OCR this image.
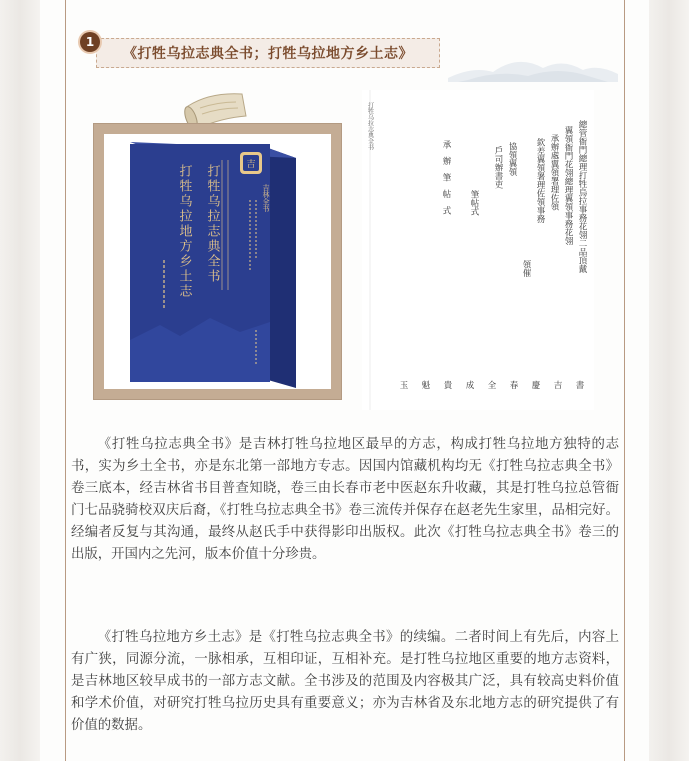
《打牲乌拉志典全书；打牲乌拉地方乡土志》
1
吉
吉林全书
打牲乌拉志典全书
打牲乌拉地方乡土志
打牲乌拉志典全书	總管衙門總理打牲烏拉事務花翎二品頂戴
翼領衙門花翎總理翼領事務花翎
承辦處翼領署理佐領
欽差翼領署理佐領事務
領催
協領翼領
戶司辦書吏
筆帖式
承辦筆帖式
書
吉
慶
春
全
成
貴
魁
玉

《打牲乌拉志典全书》是吉林打牲乌拉地区最早的方志，构成打牲乌拉地方独特的志书，实为乡土全书，亦是东北第一部地方专志。因国内馆藏机构均无《打牲乌拉志典全书》卷三底本，经吉林省书目普查知晓，卷三由长春市老中医赵东升收藏，其是打牲乌拉总管衙门七品骁骑校双庆后裔，《打牲乌拉志典全书》卷三流传并保存在赵老先生家里，品相完好。经编者反复与其沟通，最终从赵氏手中获得影印出版权。此次《打牲乌拉志典全书》卷三的出版，开国内之先河，版本价值十分珍贵。

《打牲乌拉地方乡土志》是《打牲乌拉志典全书》的续编。二者时间上有先后，内容上有广狭，同源分流，一脉相承，互相印证，互相补充。是打牲乌拉地区重要的地方志资料，是吉林地区较早成书的一部方志文献。全书涉及的范围及内容极其广泛，具有较高史料价值和学术价值，对研究打牲乌拉历史具有重要意义；亦为吉林省及东北地方志的研究提供了有价值的数据。
